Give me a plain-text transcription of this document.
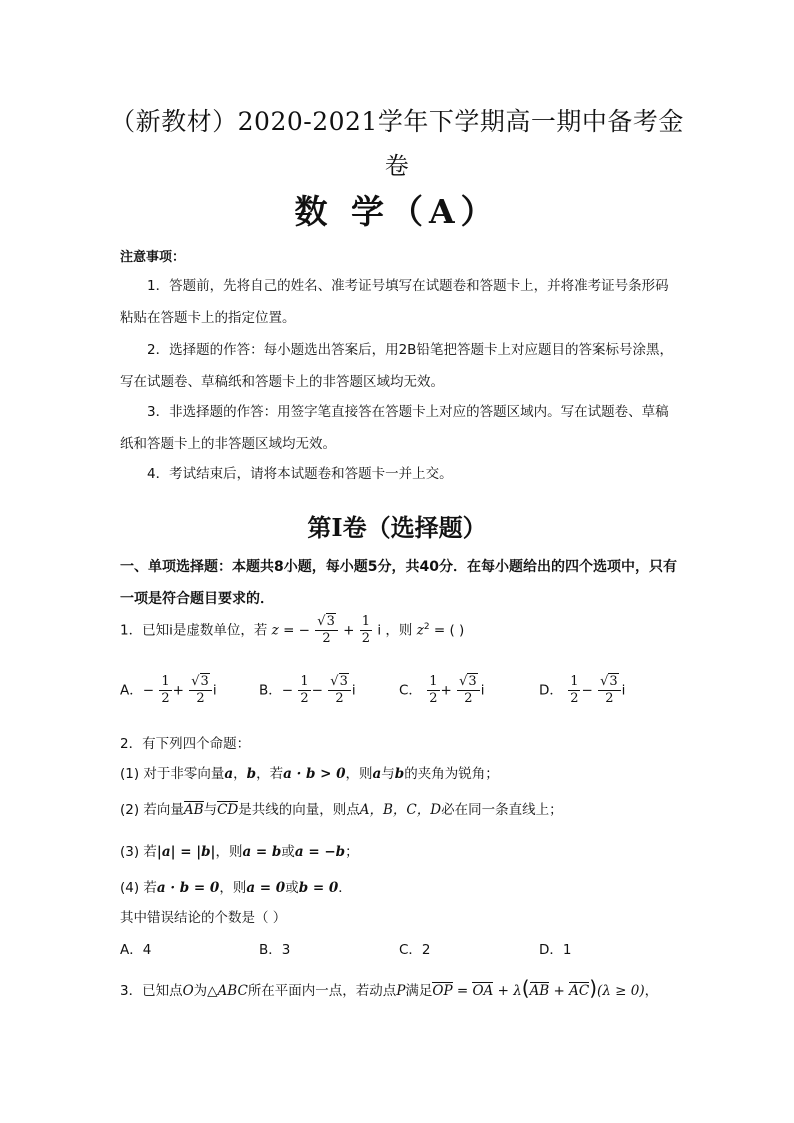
（新教材）2020-2021学年下学期高一期中备考金
卷
数 学（A）
注意事项：
1．答题前，先将自己的姓名、准考证号填写在试题卷和答题卡上，并将准考证号条形码粘贴在答题卡上的指定位置。
2．选择题的作答：每小题选出答案后，用2B铅笔把答题卡上对应题目的答案标号涂黑，写在试题卷、草稿纸和答题卡上的非答题区域均无效。
3．非选择题的作答：用签字笔直接答在答题卡上对应的答题区域内。写在试题卷、草稿纸和答题卡上的非答题区域均无效。
4．考试结束后，请将本试题卷和答题卡一并上交。
第Ⅰ卷（选择题）
一、单项选择题：本题共8小题，每小题5分，共40分．在每小题给出的四个选项中，只有一项是符合题目要求的．
1．已知i是虚数单位，若 z = − $\frac{√3}{2} + \frac{1}{2}$ i ，则 $z^2$ = ( )
A．− $\frac{1}{2} + \frac{√3}{2}$ i	B．− $\frac{1}{2} - \frac{√3}{2}$ i	C． $\frac{1}{2} + \frac{√3}{2}$ i	D． $\frac{1}{2} - \frac{√3}{2}$ i
2．有下列四个命题：
(1) 对于非零向量a，b，若a · b > 0，则a与b的夹角为锐角；
(2) 若向量AB与CD是共线的向量，则点A，B，C，D必在同一条直线上；
(3) 若|a| = |b|，则a = b或a = −b；
(4) 若a · b = 0，则a = 0或b = 0．
其中错误结论的个数是（ ）
A．4	B．3	C．2	D．1
3．已知点O为△ABC所在平面内一点，若动点P满足OP = OA + λ(AB + AC)(λ ≥ 0)，
